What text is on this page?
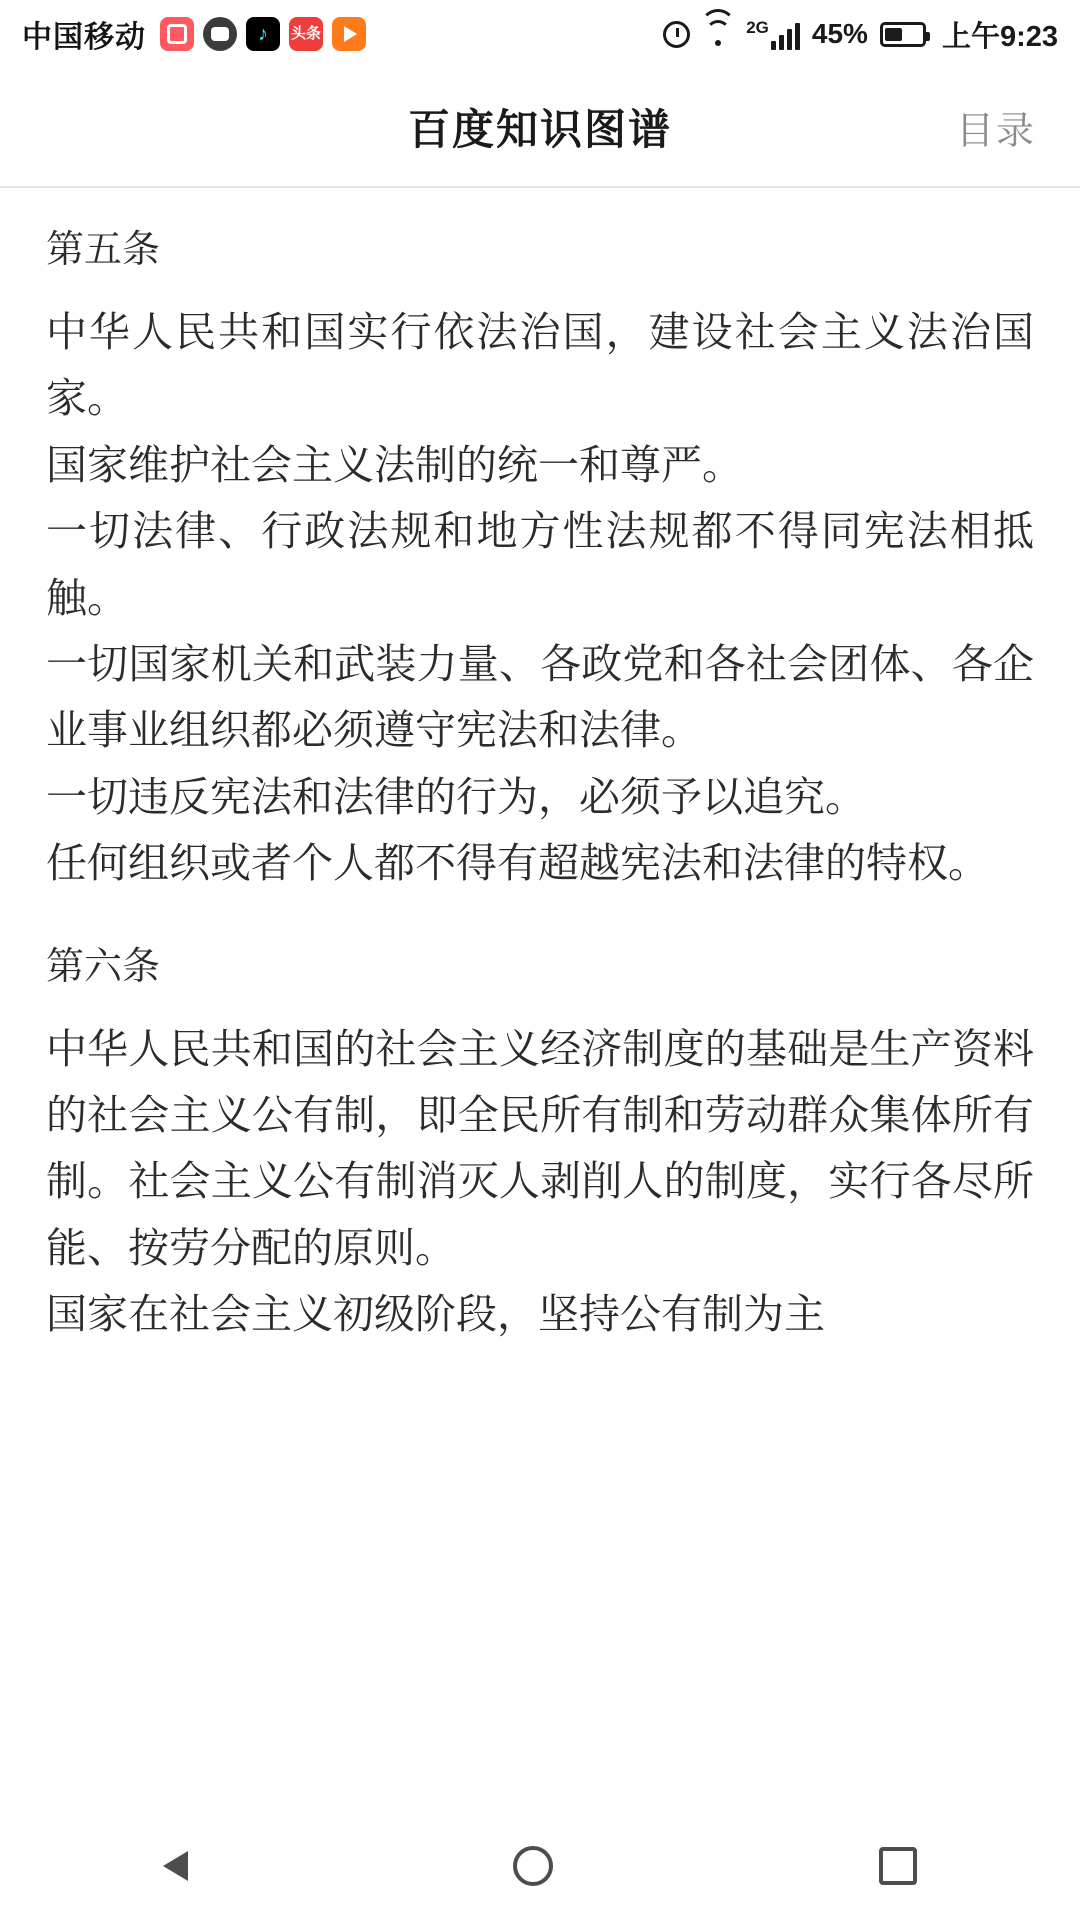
中国移动	♪ 头条	2G 45%	上午9:23
百度知识图谱	目录

第五条

中华人民共和国实行依法治国，建设社会主义法治国家。

国家维护社会主义法制的统一和尊严。

一切法律、行政法规和地方性法规都不得同宪法相抵触。

一切国家机关和武装力量、各政党和各社会团体、各企业事业组织都必须遵守宪法和法律。

一切违反宪法和法律的行为，必须予以追究。

任何组织或者个人都不得有超越宪法和法律的特权。

第六条

中华人民共和国的社会主义经济制度的基础是生产资料的社会主义公有制，即全民所有制和劳动群众集体所有制。社会主义公有制消灭人剥削人的制度，实行各尽所能、按劳分配的原则。

国家在社会主义初级阶段，坚持公有制为主
